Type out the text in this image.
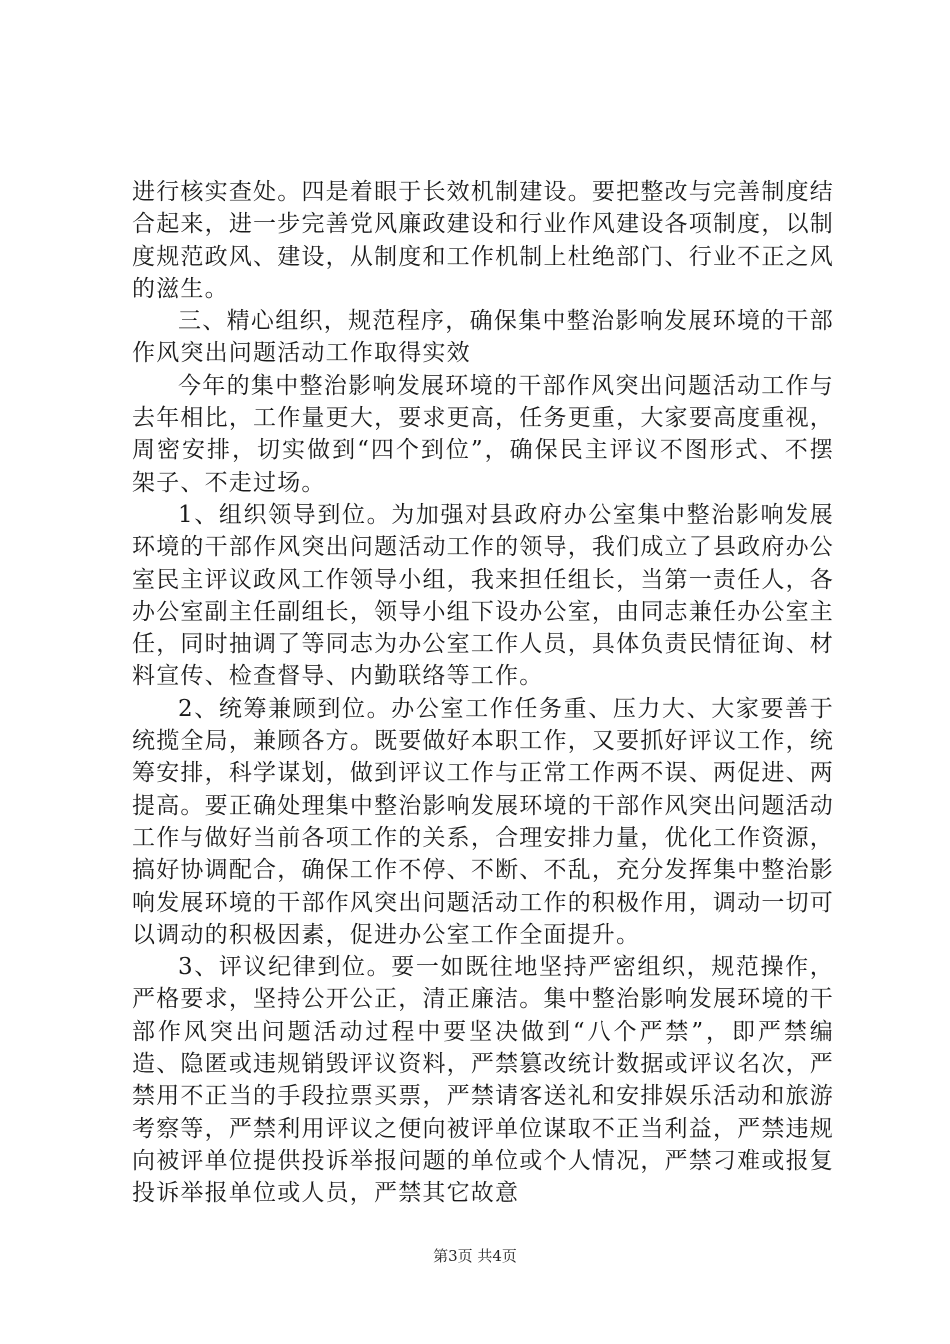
进行核实查处。四是着眼于长效机制建设。要把整改与完善制度结合起来，进一步完善党风廉政建设和行业作风建设各项制度，以制度规范政风、建设，从制度和工作机制上杜绝部门、行业不正之风的滋生。

三、精心组织，规范程序，确保集中整治影响发展环境的干部作风突出问题活动工作取得实效

今年的集中整治影响发展环境的干部作风突出问题活动工作与去年相比，工作量更大，要求更高，任务更重，大家要高度重视，周密安排，切实做到“四个到位”，确保民主评议不图形式、不摆架子、不走过场。

1、组织领导到位。为加强对县政府办公室集中整治影响发展环境的干部作风突出问题活动工作的领导，我们成立了县政府办公室民主评议政风工作领导小组，我来担任组长，当第一责任人，各办公室副主任副组长，领导小组下设办公室，由同志兼任办公室主任，同时抽调了等同志为办公室工作人员，具体负责民情征询、材料宣传、检查督导、内勤联络等工作。

2、统筹兼顾到位。办公室工作任务重、压力大、大家要善于统揽全局，兼顾各方。既要做好本职工作，又要抓好评议工作，统筹安排，科学谋划，做到评议工作与正常工作两不误、两促进、两提高。要正确处理集中整治影响发展环境的干部作风突出问题活动工作与做好当前各项工作的关系，合理安排力量，优化工作资源，搞好协调配合，确保工作不停、不断、不乱，充分发挥集中整治影响发展环境的干部作风突出问题活动工作的积极作用，调动一切可以调动的积极因素，促进办公室工作全面提升。

3、评议纪律到位。要一如既往地坚持严密组织，规范操作，严格要求，坚持公开公正，清正廉洁。集中整治影响发展环境的干部作风突出问题活动过程中要坚决做到“八个严禁”，即严禁编造、隐匿或违规销毁评议资料，严禁篡改统计数据或评议名次，严禁用不正当的手段拉票买票，严禁请客送礼和安排娱乐活动和旅游考察等，严禁利用评议之便向被评单位谋取不正当利益，严禁违规向被评单位提供投诉举报问题的单位或个人情况，严禁刁难或报复投诉举报单位或人员，严禁其它故意

第3页 共4页
